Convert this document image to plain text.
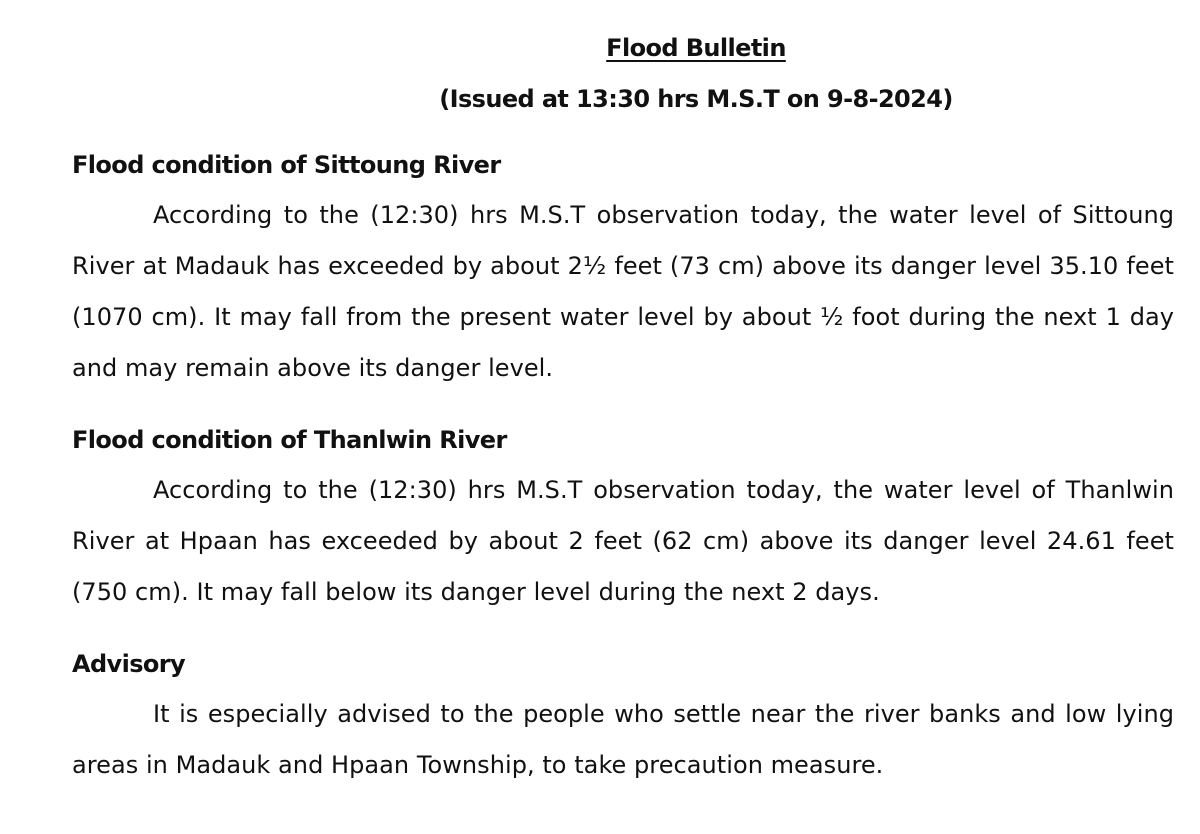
Flood Bulletin

(Issued at 13:30 hrs M.S.T on 9-8-2024)

Flood condition of Sittoung River

According to the (12:30) hrs M.S.T observation today, the water level of Sittoung River at Madauk has exceeded by about 2½ feet (73 cm) above its danger level 35.10 feet (1070 cm). It may fall from the present water level by about ½ foot during the next 1 day and may remain above its danger level.

Flood condition of Thanlwin River

According to the (12:30) hrs M.S.T observation today, the water level of Thanlwin River at Hpaan has exceeded by about 2 feet (62 cm) above its danger level 24.61 feet (750 cm). It may fall below its danger level during the next 2 days.

Advisory

It is especially advised to the people who settle near the river banks and low lying areas in Madauk and Hpaan Township, to take precaution measure.
